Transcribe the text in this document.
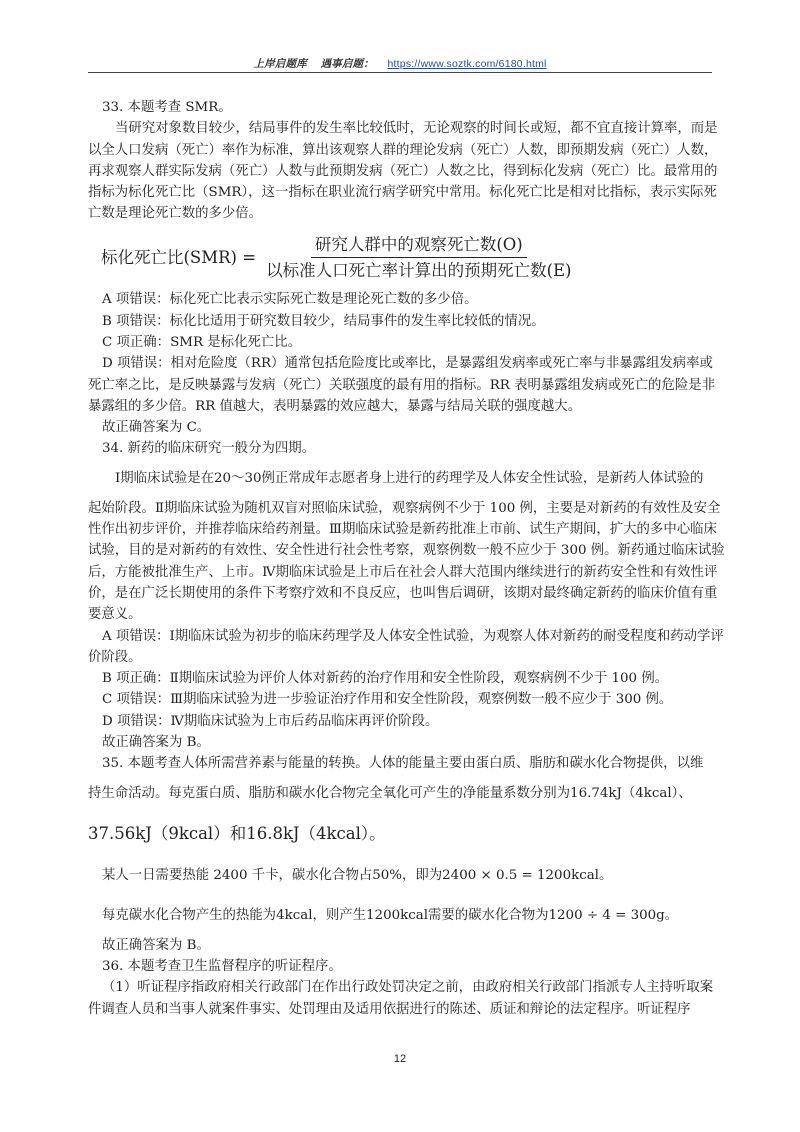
上岸启题库 遇事启题： https://www.soztk.com/6180.html

33. 本题考查 SMR。

当研究对象数目较少，结局事件的发生率比较低时，无论观察的时间长或短，都不宜直接计算率，而是以全人口发病（死亡）率作为标准，算出该观察人群的理论发病（死亡）人数，即预期发病（死亡）人数，再求观察人群实际发病（死亡）人数与此预期发病（死亡）人数之比，得到标化发病（死亡）比。最常用的指标为标化死亡比（SMR），这一指标在职业流行病学研究中常用。标化死亡比是相对比指标，表示实际死亡数是理论死亡数的多少倍。

标化死亡比$(SMR) = \frac{\text{研究人群中的观察死亡数(O)}}{\text{以标准人口死亡率计算出的预期死亡数(E)}}$

A 项错误：标化死亡比表示实际死亡数是理论死亡数的多少倍。

B 项错误：标化比适用于研究数目较少，结局事件的发生率比较低的情况。

C 项正确：SMR 是标化死亡比。

D 项错误：相对危险度（RR）通常包括危险度比或率比，是暴露组发病率或死亡率与非暴露组发病率或死亡率之比，是反映暴露与发病（死亡）关联强度的最有用的指标。RR 表明暴露组发病或死亡的危险是非暴露组的多少倍。RR 值越大，表明暴露的效应越大，暴露与结局关联的强度越大。

故正确答案为 C。

34. 新药的临床研究一般分为四期。

Ⅰ期临床试验是在20～30例正常成年志愿者身上进行的药理学及人体安全性试验，是新药人体试验的

起始阶段。Ⅱ期临床试验为随机双盲对照临床试验，观察病例不少于 100 例，主要是对新药的有效性及安全性作出初步评价，并推荐临床给药剂量。Ⅲ期临床试验是新药批准上市前、试生产期间，扩大的多中心临床试验，目的是对新药的有效性、安全性进行社会性考察，观察例数一般不应少于 300 例。新药通过临床试验后，方能被批准生产、上市。Ⅳ期临床试验是上市后在社会人群大范围内继续进行的新药安全性和有效性评价，是在广泛长期使用的条件下考察疗效和不良反应，也叫售后调研，该期对最终确定新药的临床价值有重要意义。

A 项错误：Ⅰ期临床试验为初步的临床药理学及人体安全性试验，为观察人体对新药的耐受程度和药动学评价阶段。

B 项正确：Ⅱ期临床试验为评价人体对新药的治疗作用和安全性阶段，观察病例不少于 100 例。

C 项错误：Ⅲ期临床试验为进一步验证治疗作用和安全性阶段，观察例数一般不应少于 300 例。

D 项错误：Ⅳ期临床试验为上市后药品临床再评价阶段。

故正确答案为 B。

35. 本题考查人体所需营养素与能量的转换。人体的能量主要由蛋白质、脂肪和碳水化合物提供，以维

持生命活动。每克蛋白质、脂肪和碳水化合物完全氧化可产生的净能量系数分别为16.74kJ（4kcal）、

37.56kJ（9kcal）和16.8kJ（4kcal）。

某人一日需要热能 2400 千卡，碳水化合物占50%，即为2400 × 0.5 = 1200kcal。

每克碳水化合物产生的热能为4kcal，则产生1200kcal需要的碳水化合物为1200 ÷ 4 = 300g。

故正确答案为 B。

36. 本题考查卫生监督程序的听证程序。

（1）听证程序指政府相关行政部门在作出行政处罚决定之前，由政府相关行政部门指派专人主持听取案件调查人员和当事人就案件事实、处罚理由及适用依据进行的陈述、质证和辩论的法定程序。听证程序

12
